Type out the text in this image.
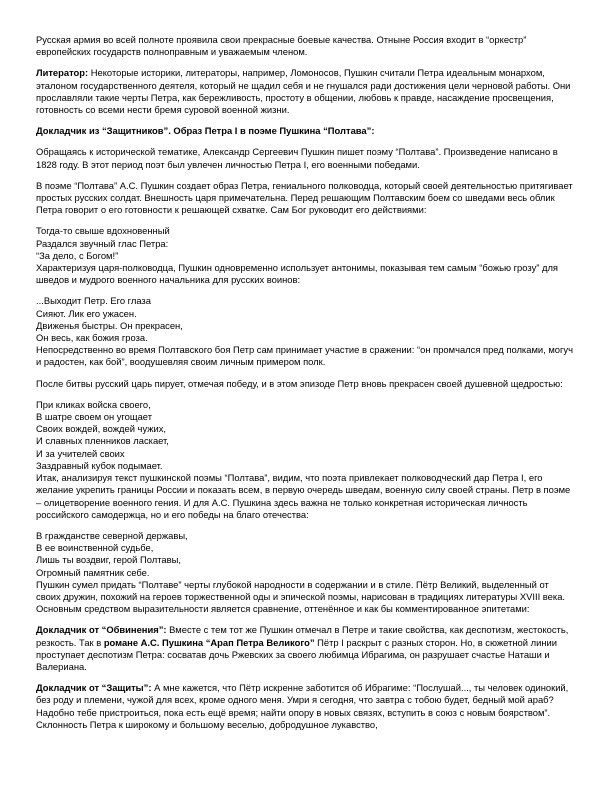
Русская армия во всей полноте проявила свои прекрасные боевые качества. Отныне Россия входит в “оркестр” европейских государств полноправным и уважаемым членом.

Литератор: Некоторые историки, литераторы, например, Ломоносов, Пушкин считали Петра идеальным монархом, эталоном государственного деятеля, который не щадил себя и не гнушался ради достижения цели черновой работы. Они прославляли такие черты Петра, как бережливость, простоту в общении, любовь к правде, насаждение просвещения, готовность со всеми нести бремя суровой военной жизни.

Докладчик из “Защитников”. Образ Петра I в поэме Пушкина “Полтава”:

Обращаясь к исторической тематике, Александр Сергеевич Пушкин пишет поэму “Полтава”. Произведение написано в 1828 году. В этот период поэт был увлечен личностью Петра I, его военными победами.

В поэме “Полтава” А.С. Пушкин создает образ Петра, гениального полководца, который своей деятельностью притягивает простых русских солдат. Внешность царя примечательна. Перед решающим Полтавским боем со шведами весь облик Петра говорит о его готовности к решающей схватке. Сам Бог руководит его действиями:

Тогда-то свыше вдохновенный
Раздался звучный глас Петра:
“За дело, с Богом!”

Характеризуя царя-полководца, Пушкин одновременно использует антонимы, показывая тем самым “божью грозу” для шведов и мудрого военного начальника для русских воинов:

...Выходит Петр. Его глаза
Сияют. Лик его ужасен.
Движенья быстры. Он прекрасен,
Он весь, как божия гроза.

Непосредственно во время Полтавского боя Петр сам принимает участие в сражении: “он промчался пред полками, могуч и радостен, как бой”, воодушевляя своим личным примером полк.

После битвы русский царь пирует, отмечая победу, и в этом эпизоде Петр вновь прекрасен своей душевной щедростью:

При кликах войска своего,
В шатре своем он угощает
Своих вождей, вождей чужих,
И славных пленников ласкает,
И за учителей своих
Заздравный кубок подымает.

Итак, анализируя текст пушкинской поэмы “Полтава”, видим, что поэта привлекает полководческий дар Петра I, его желание укрепить границы России и показать всем, в первую очередь шведам, военную силу своей страны. Петр в поэме – олицетворение военного гения. И для А.С. Пушкина здесь важна не только конкретная историческая личность российского самодержца, но и его победы на благо отечества:

В гражданстве северной державы,
В ее воинственной судьбе,
Лишь ты воздвиг, герой Полтавы,
Огромный памятник себе.

Пушкин сумел придать “Полтаве” черты глубокой народности в содержании и в стиле. Пётр Великий, выделенный от своих дружин, похожий на героев торжественной оды и эпической поэмы, нарисован в традициях литературы XVIII века. Основным средством выразительности является сравнение, оттенённое и как бы комментированное эпитетами:

Докладчик от “Обвинения”: Вместе с тем тот же Пушкин отмечал в Петре и такие свойства, как деспотизм, жестокость, резкость. Так в романе А.С. Пушкина “Арап Петра Великого” Пётр I раскрыт с разных сторон. Но, в сюжетной линии проступает деспотизм Петра: сосватав дочь Ржевских за своего любимца Ибрагима, он разрушает счастье Наташи и Валериана.

Докладчик от “Защиты”: А мне кажется, что Пётр искренне заботится об Ибрагиме: “Послушай..., ты человек одинокий, без роду и племени, чужой для всех, кроме одного меня. Умри я сегодня, что завтра с тобою будет, бедный мой араб? Надобно тебе пристроиться, пока есть ещё время; найти опору в новых связях, вступить в союз с новым боярством”. Склонность Петра к широкому и большому веселью, добродушное лукавство,
